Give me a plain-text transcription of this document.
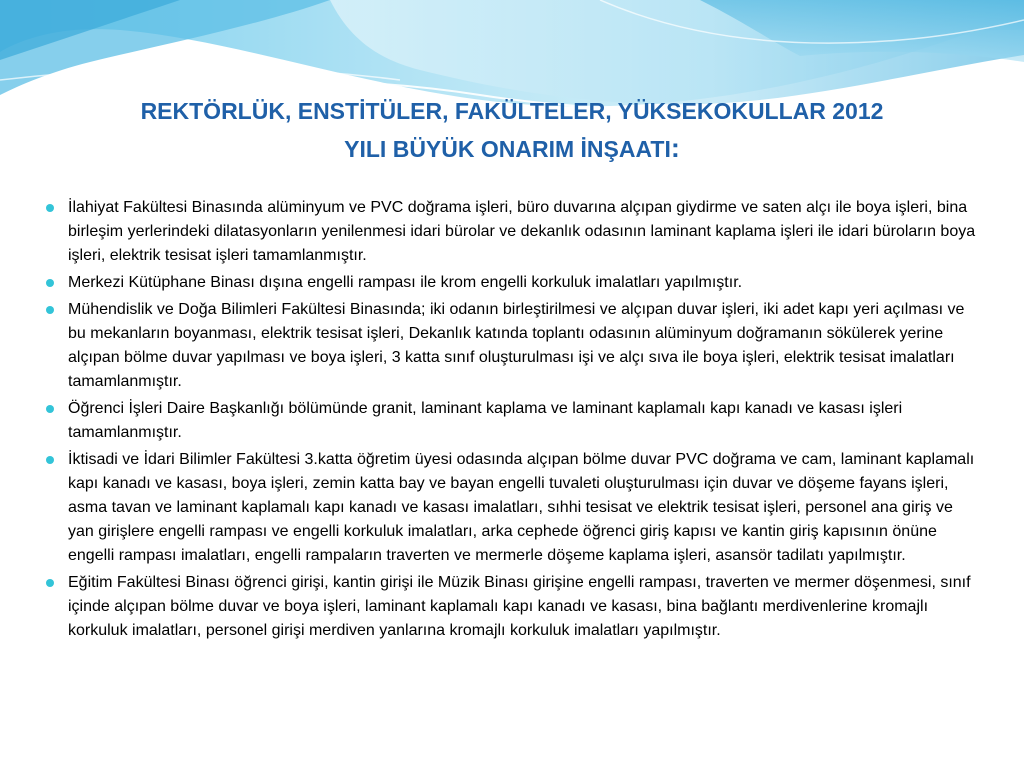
REKTÖRLÜK, ENSTİTÜLER, FAKÜLTELER, YÜKSEKOKULLAR 2012
YILI BÜYÜK ONARIM İNŞAATI:
İlahiyat Fakültesi Binasında alüminyum ve PVC doğrama işleri, büro duvarına alçıpan giydirme ve saten alçı ile boya işleri, bina birleşim yerlerindeki dilatasyonların yenilenmesi idari bürolar ve dekanlık odasının laminant kaplama işleri ile idari büroların boya işleri, elektrik tesisat işleri tamamlanmıştır.
Merkezi Kütüphane Binası dışına engelli rampası ile krom engelli korkuluk imalatları yapılmıştır.
Mühendislik ve Doğa Bilimleri Fakültesi Binasında; iki odanın birleştirilmesi ve alçıpan duvar işleri, iki adet kapı yeri açılması ve bu mekanların boyanması, elektrik tesisat işleri, Dekanlık katında toplantı odasının alüminyum doğramanın sökülerek yerine alçıpan bölme duvar yapılması ve boya işleri, 3 katta sınıf oluşturulması işi ve alçı sıva ile boya işleri, elektrik tesisat imalatları tamamlanmıştır.
Öğrenci İşleri Daire Başkanlığı bölümünde granit, laminant kaplama ve laminant kaplamalı kapı kanadı ve kasası işleri tamamlanmıştır.
İktisadi ve İdari Bilimler Fakültesi 3.katta öğretim üyesi odasında alçıpan bölme duvar PVC doğrama ve cam, laminant kaplamalı kapı kanadı ve kasası, boya işleri, zemin katta bay ve bayan engelli tuvaleti oluşturulması için duvar ve döşeme fayans işleri, asma tavan ve laminant kaplamalı kapı kanadı ve kasası imalatları, sıhhi tesisat ve elektrik tesisat işleri, personel ana giriş ve yan girişlere engelli rampası ve engelli korkuluk imalatları, arka cephede öğrenci giriş kapısı ve kantin giriş kapısının önüne engelli rampası imalatları, engelli rampaların traverten ve mermerle döşeme kaplama işleri, asansör tadilatı yapılmıştır.
Eğitim Fakültesi Binası öğrenci girişi, kantin girişi ile Müzik Binası girişine engelli rampası, traverten ve mermer döşenmesi, sınıf içinde alçıpan bölme duvar ve boya işleri, laminant kaplamalı kapı kanadı ve kasası, bina bağlantı merdivenlerine kromajlı korkuluk imalatları, personel girişi merdiven yanlarına kromajlı korkuluk imalatları yapılmıştır.
